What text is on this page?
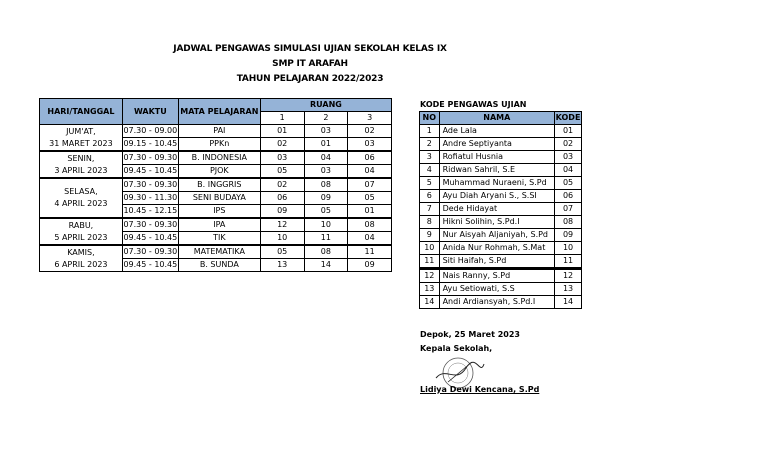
JADWAL PENGAWAS SIMULASI UJIAN SEKOLAH KELAS IX
SMP IT ARAFAH
TAHUN PELAJARAN 2022/2023
HARI/TANGGAL	WAKTU	MATA PELAJARAN	RUANG		
			1	2	3
JUM'AT,
31 MARET 2023	07.30 - 09.00	PAI	01	03	02
	09.15 - 10.45	PPKn	02	01	03
SENIN,
3 APRIL 2023	07.30 - 09.30	B. INDONESIA	03	04	06
	09.45 - 10.45	PJOK	05	03	04
SELASA,
4 APRIL 2023	07.30 - 09.30	B. INGGRIS	02	08	07
	09.30 - 11.30	SENI BUDAYA	06	09	05
	10.45 - 12.15	IPS	09	05	01
RABU,
5 APRIL 2023	07.30 - 09.30	IPA	12	10	08
	09.45 - 10.45	TIK	10	11	04
KAMIS,
6 APRIL 2023	07.30 - 09.30	MATEMATIKA	05	08	11
	09.45 - 10.45	B. SUNDA	13	14	09
KODE PENGAWAS UJIAN
NO	NAMA	KODE
1	Ade Lala	01
2	Andre Septiyanta	02
3	Rofiatul Husnia	03
4	Ridwan Sahril, S.E	04
5	Muhammad Nuraeni, S.Pd	05
6	Ayu Diah Aryani S., S.SI	06
7	Dede Hidayat	07
8	Hikni Solihin, S.Pd.I	08
9	Nur Aisyah Aljaniyah, S.Pd	09
10	Anida Nur Rohmah, S.Mat	10
11	Siti Haifah, S.Pd	11
12	Nais Ranny, S.Pd	12
13	Ayu Setiowati, S.S	13
14	Andi Ardiansyah, S.Pd.I	14
Depok, 25 Maret 2023
Kepala Sekolah,
Lidiya Dewi Kencana, S.Pd
